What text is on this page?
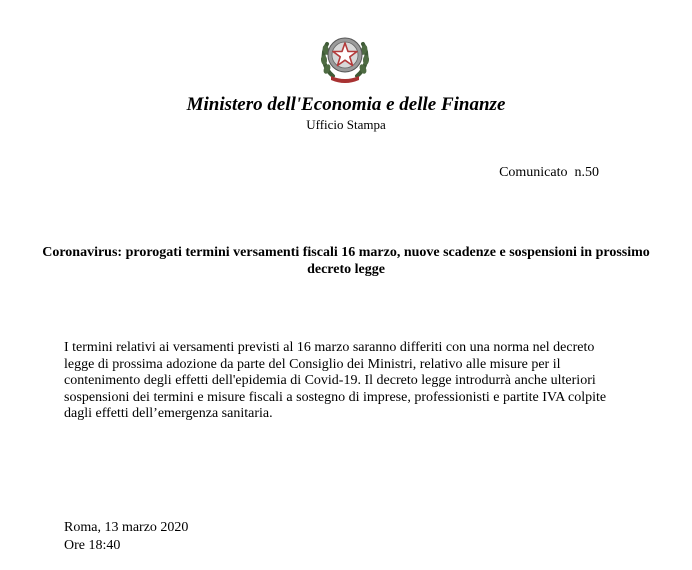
Ministero dell'Economia e delle Finanze
Ufficio Stampa
Comunicato  n.50
Coronavirus: prorogati termini versamenti fiscali 16 marzo, nuove scadenze e sospensioni in prossimo decreto legge
I termini relativi ai versamenti previsti al 16 marzo saranno differiti con una norma nel decreto legge di prossima adozione da parte del Consiglio dei Ministri, relativo alle misure per il contenimento degli effetti dell'epidemia di Covid-19. Il decreto legge introdurrà anche ulteriori sospensioni dei termini e misure fiscali a sostegno di imprese, professionisti e partite IVA colpite dagli effetti dell’emergenza sanitaria.
Roma, 13 marzo 2020
Ore 18:40
